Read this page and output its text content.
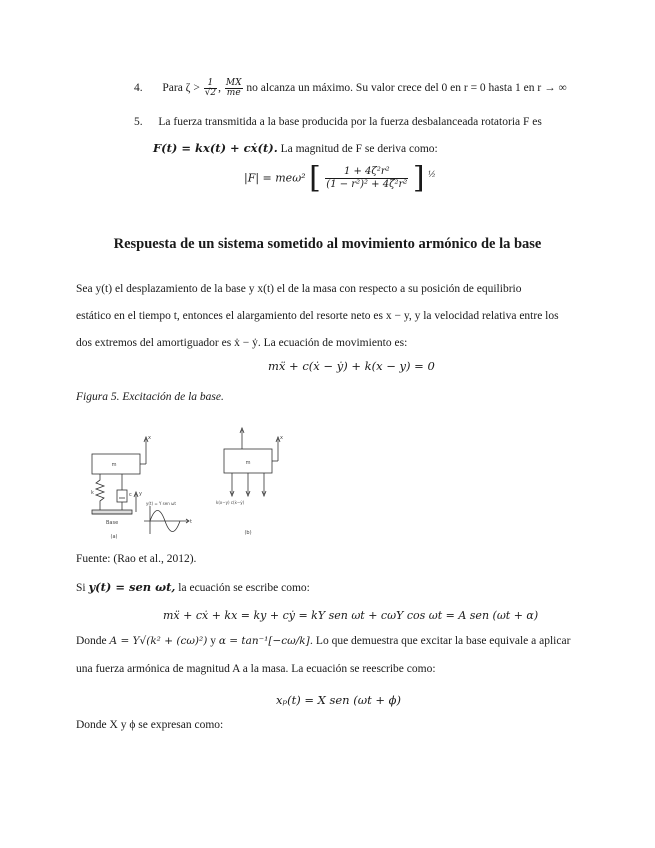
4. Para $\zeta > \frac{1}{√2}$ , $\frac{MX}{me}$ no alcanza un máximo. Su valor crece del 0 en r = 0 hasta 1 en r → ∞
5. La fuerza transmitida a la base producida por la fuerza desbalanceada rotatoria F es
F(t) = kx(t) + cẋ(t). La magnitud de F se deriva como:
|F| = meω² [ $\frac{\text{1 + 4ζ²r²}}{\text{(1 − r²)² + 4ζ²r²}}$ ] $^{\frac{1}{2}}$
Respuesta de un sistema sometido al movimiento armónico de la base
Sea y(t) el desplazamiento de la base y x(t) el de la masa con respecto a su posición de equilibrio
estático en el tiempo t, entonces el alargamiento del resorte neto es x − y, y la velocidad relativa entre los
dos extremos del amortiguador es ẋ − ẏ. La ecuación de movimiento es:
mẍ + c(ẋ − ẏ) + k(x − y) = 0
Figura 5. Excitación de la base.
m
x
k	c
Base
y
y(t) = Y sen ωt
t
(a)
m
x
k(x−y) c(ẋ−ẏ)
(b)
Fuente: (Rao et al., 2012).
Si y(t) = sen ωt, la ecuación se escribe como:
mẍ + cẋ + kx = ky + cẏ = kY sen ωt + cωY cos ωt = A sen (ωt + α)
Donde A = Y√(k² + (cω)²) y α = tan⁻¹[−cω/k]. Lo que demuestra que excitar la base equivale a aplicar
una fuerza armónica de magnitud A a la masa. La ecuación se reescribe como:
xₚ(t) = X sen (ωt + ϕ)
Donde X y ϕ se expresan como:
